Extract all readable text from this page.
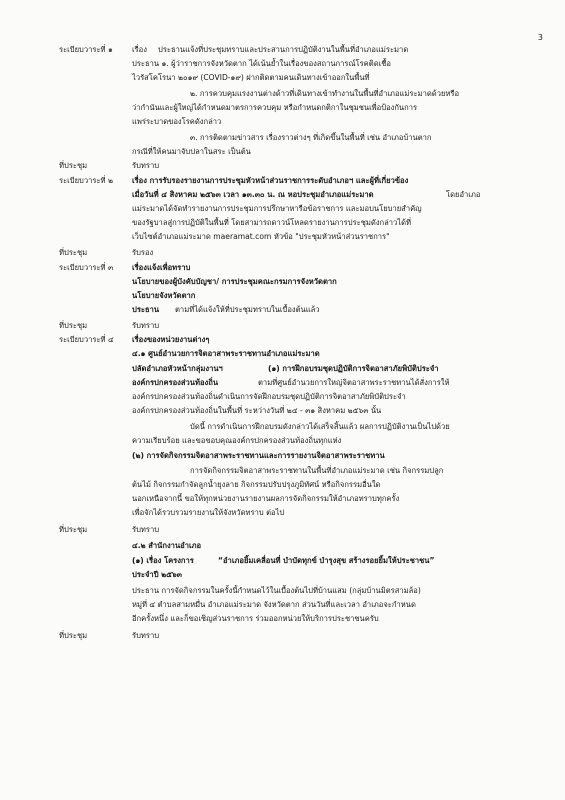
3
ระเบียบวาระที่ ๑	เรื่อง ประธานแจ้งที่ประชุมทราบและประสานการปฏิบัติงานในพื้นที่อำเภอแม่ระมาด
ประธาน ๑. ผู้ว่าราชการจังหวัดตาก ได้เน้นย้ำในเรื่องของสถานการณ์โรคติดเชื้อ
ไวรัสโคโรนา ๒๐๑๙ (COVID-๑๙) ฝากติดตามคนเดินทางเข้าออกในพื้นที่
๒. การควบคุมแรงงานต่างด้าวที่เดินทางเข้าทำงานในพื้นที่อำเภอแม่ระมาดด้วยหรือ
ว่ากำนันและผู้ใหญ่ได้กำหนดมาตรการควบคุม หรือกำหนดกติกาในชุมชนเพื่อป้องกันการ
แพร่ระบาดของโรคดังกล่าว
๓. การติดตามข่าวสาร เรื่องราวต่างๆ ที่เกิดขึ้นในพื้นที่ เช่น อำเภอบ้านตาก
กรณีที่ให้คนมาจับปลาในสระ เป็นต้น
ที่ประชุม	รับทราบ
ระเบียบวาระที่ ๒	เรื่อง การรับรองรายงานการประชุมหัวหน้าส่วนราชการระดับอำเภอฯ และผู้ที่เกี่ยวข้อง
เมื่อวันที่ ๔ สิงหาคม ๒๕๖๓ เวลา ๑๓.๓๐ น. ณ หอประชุมอำเภอแม่ระมาด	โดยอำเภอ
แม่ระมาดได้จัดทำรายงานการประชุมการปรึกษาหารือข้อราชการ และมอบนโยบายสำคัญ
ของรัฐบาลสู่การปฏิบัติในพื้นที่ โดยสามารถดาวน์โหลดรายงานการประชุมดังกล่าวได้ที่
เว็บไซต์อำเภอแม่ระมาด maeramat.com หัวข้อ "ประชุมหัวหน้าส่วนราชการ"
ที่ประชุม	รับรอง
ระเบียบวาระที่ ๓ เรื่องแจ้งเพื่อทราบ
นโยบายของผู้บังคับบัญชา/ การประชุมคณะกรมการจังหวัดตาก
นโยบายจังหวัดตาก
ประธาน ตามที่ได้แจ้งให้ที่ประชุมทราบในเบื้องต้นแล้ว
ที่ประชุม	รับทราบ
ระเบียบวาระที่ ๔ เรื่องของหน่วยงานต่างๆ
๔.๑ ศูนย์อำนวยการจิตอาสาพระราชทานอำเภอแม่ระมาด
ปลัดอำเภอหัวหน้ากลุ่มงานฯ	(๑) การฝึกอบรมชุดปฏิบัติการจิตอาสาภัยพิบัติประจำ
องค์กรปกครองส่วนท้องถิ่น	ตามที่ศูนย์อำนวยการใหญ่จิตอาสาพระราชทานได้สั่งการให้
องค์กรปกครองส่วนท้องถิ่นดำเนินการจัดฝึกอบรมชุดปฏิบัติการจิตอาสาภัยพิบัติประจำ
องค์กรปกครองส่วนท้องถิ่นในพื้นที่ ระหว่างวันที่ ๒๔ - ๓๑ สิงหาคม ๒๕๖๓ นั้น
บัดนี้ การดำเนินการฝึกอบรมดังกล่าวได้เสร็จสิ้นแล้ว ผลการปฏิบัติงานเป็นไปด้วย
ความเรียบร้อย และขอขอบคุณองค์กรปกครองส่วนท้องถิ่นทุกแห่ง
(๒) การจัดกิจกรรมจิตอาสาพระราชทานและการรายงานจิตอาสาพระราชทาน
การจัดกิจกรรมจิตอาสาพระราชทานในพื้นที่อำเภอแม่ระมาด เช่น กิจกรรมปลูก
ต้นไม้ กิจกรรมกำจัดลูกน้ำยุงลาย กิจกรรมปรับปรุงภูมิทัศน์ หรือกิจกรรมอื่นใด
นอกเหนือจากนี้ ขอให้ทุกหน่วยงานรายงานผลการจัดกิจกรรมให้อำเภอทราบทุกครั้ง
เพื่อจักได้รวบรวมรายงานให้จังหวัดทราบ ต่อไป
ที่ประชุม	รับทราบ
๔.๒ สำนักงานอำเภอ
(๑) เรื่อง โครงการ	“อำเภอยิ้มเคลื่อนที่ บำบัดทุกข์ บำรุงสุข สร้างรอยยิ้มให้ประชาชน”
ประจำปี ๒๕๖๓
ประธาน การจัดกิจกรรมในครั้งนี้กำหนดไว้ในเบื้องต้นไปที่บ้านแสม (กลุ่มบ้านมิตรสามล้อ)
หมู่ที่ ๔ ตำบลสามหมื่น อำเภอแม่ระมาด จังหวัดตาก ส่วนวันที่และเวลา อำเภอจะกำหนด
อีกครั้งหนึ่ง และก็ขอเชิญส่วนราชการ ร่วมออกหน่วยให้บริการประชาชนครับ
ที่ประชุม	รับทราบ
